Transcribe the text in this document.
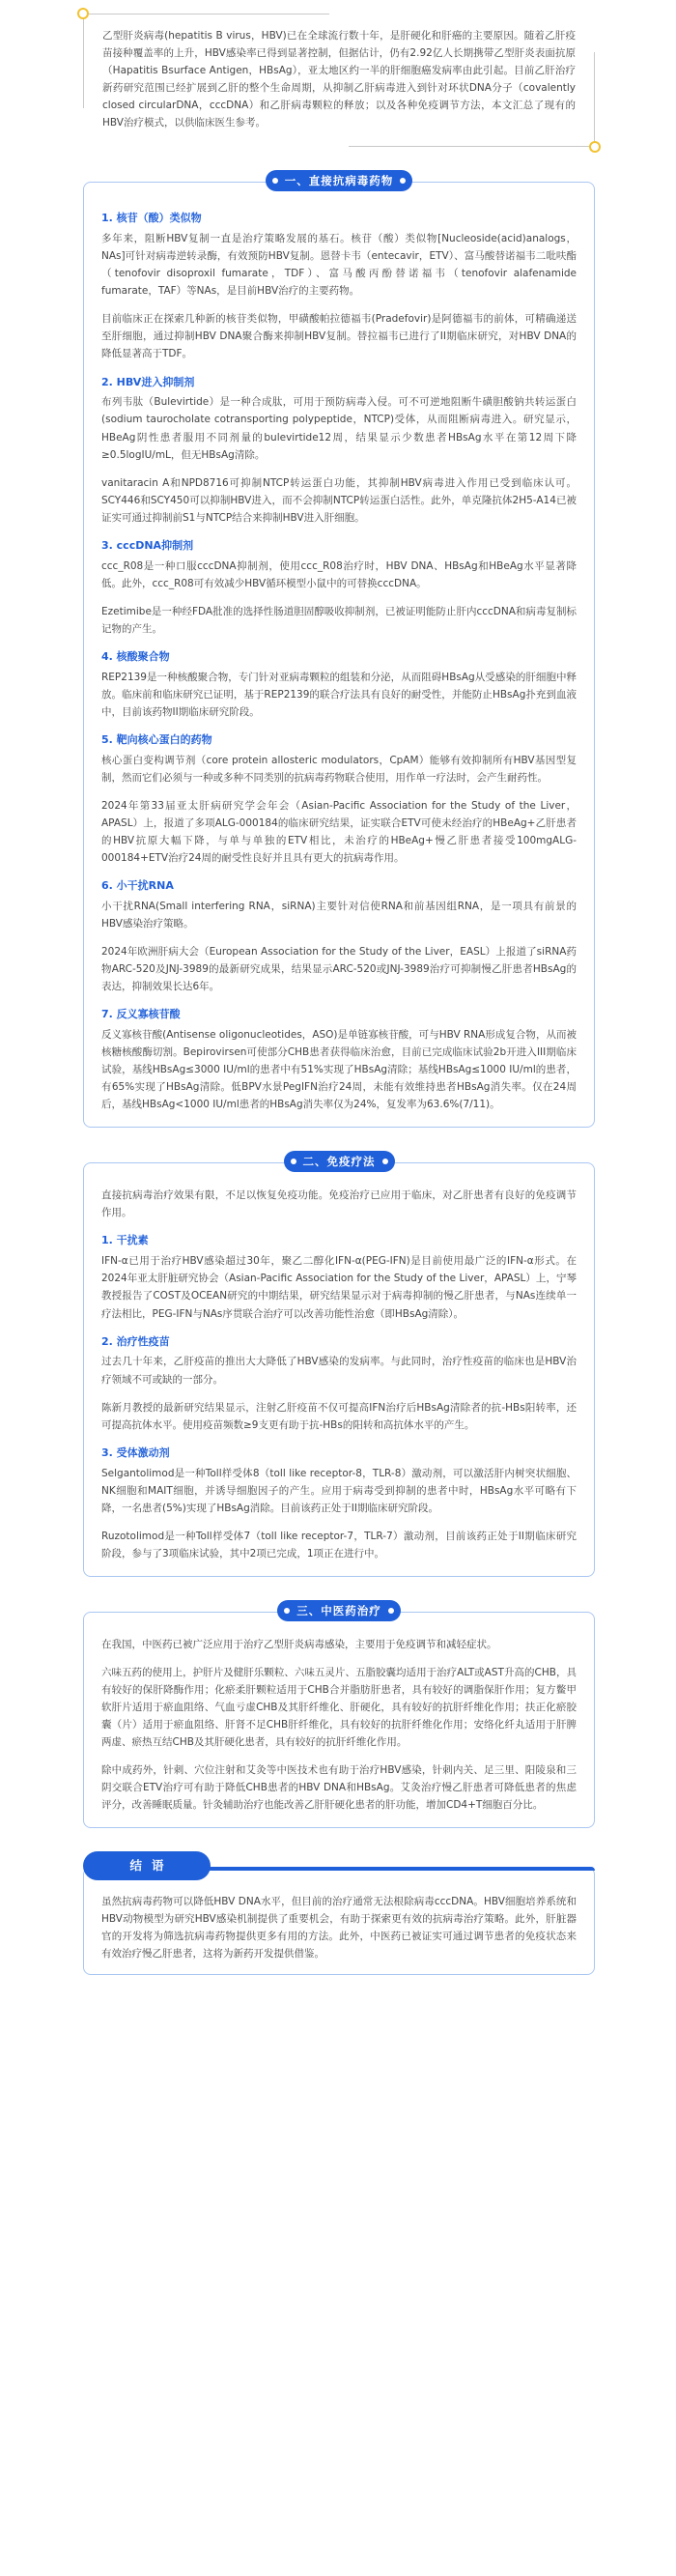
乙型肝炎病毒(hepatitis B virus，HBV)已在全球流行数十年，是肝硬化和肝癌的主要原因。随着乙肝疫苗接种覆盖率的上升，HBV感染率已得到显著控制，但据估计，仍有2.92亿人长期携带乙型肝炎表面抗原（Hapatitis Bsurface Antigen，HBsAg），亚太地区约一半的肝细胞癌发病率由此引起。目前乙肝治疗新药研究范围已经扩展到乙肝的整个生命周期，从抑制乙肝病毒进入到针对环状DNA分子（covalently closed circularDNA，cccDNA）和乙肝病毒颗粒的释放；以及各种免疫调节方法，本文汇总了现有的HBV治疗模式，以供临床医生参考。
一、直接抗病毒药物
1. 核苷（酸）类似物
多年来，阻断HBV复制一直是治疗策略发展的基石。核苷（酸）类似物[Nucleoside(acid)analogs，NAs]可针对病毒逆转录酶，有效预防HBV复制。恩替卡韦（entecavir，ETV）、富马酸替诺福韦二吡呋酯（tenofovir disoproxil fumarate，TDF）、富马酸丙酚替诺福韦（tenofovir alafenamide fumarate，TAF）等NAs，是目前HBV治疗的主要药物。
目前临床正在探索几种新的核苷类似物，甲磺酸帕拉德福韦(Pradefovir)是阿德福韦的前体，可精确递送至肝细胞，通过抑制HBV DNA聚合酶来抑制HBV复制。替拉福韦已进行了II期临床研究，对HBV DNA的降低显著高于TDF。
2. HBV进入抑制剂
布列韦肽（Bulevirtide）是一种合成肽，可用于预防病毒入侵。可不可逆地阻断牛磺胆酸钠共转运蛋白(sodium taurocholate cotransporting polypeptide，NTCP)受体，从而阻断病毒进入。研究显示，HBeAg阴性患者服用不同剂量的bulevirtide12周，结果显示少数患者HBsAg水平在第12周下降≥0.5logIU/mL，但无HBsAg清除。
vanitaracin A和NPD8716可抑制NTCP转运蛋白功能，其抑制HBV病毒进入作用已受到临床认可。SCY446和SCY450可以抑制HBV进入，而不会抑制NTCP转运蛋白活性。此外，单克隆抗体2H5-A14已被证实可通过抑制前S1与NTCP结合来抑制HBV进入肝细胞。
3. cccDNA抑制剂
ccc_R08是一种口服cccDNA抑制剂，使用ccc_R08治疗时，HBV DNA、HBsAg和HBeAg水平显著降低。此外，ccc_R08可有效减少HBV循环模型小鼠中的可替换cccDNA。
Ezetimibe是一种经FDA批准的选择性肠道胆固醇吸收抑制剂，已被证明能防止肝内cccDNA和病毒复制标记物的产生。
4. 核酸聚合物
REP2139是一种核酸聚合物，专门针对亚病毒颗粒的组装和分泌，从而阻碍HBsAg从受感染的肝细胞中释放。临床前和临床研究已证明，基于REP2139的联合疗法具有良好的耐受性，并能防止HBsAg扑充到血液中，目前该药物II期临床研究阶段。
5. 靶向核心蛋白的药物
核心蛋白变构调节剂（core protein allosteric modulators，CpAM）能够有效抑制所有HBV基因型复制，然而它们必须与一种或多种不同类别的抗病毒药物联合使用，用作单一疗法时，会产生耐药性。
2024年第33届亚太肝病研究学会年会（Asian-Pacific Association for the Study of the Liver，APASL）上，报道了多项ALG-000184的临床研究结果，证实联合ETV可使未经治疗的HBeAg+乙肝患者的HBV抗原大幅下降，与单与单独的ETV相比，未治疗的HBeAg+慢乙肝患者接受100mgALG-000184+ETV治疗24周的耐受性良好并且具有更大的抗病毒作用。
6. 小干扰RNA
小干扰RNA(Small interfering RNA，siRNA)主要针对信使RNA和前基因组RNA，是一项具有前景的HBV感染治疗策略。
2024年欧洲肝病大会（European Association for the Study of the Liver，EASL）上报道了siRNA药物ARC-520及JNJ-3989的最新研究成果，结果显示ARC-520或JNJ-3989治疗可抑制慢乙肝患者HBsAg的表达，抑制效果长达6年。
7. 反义寡核苷酸
反义寡核苷酸(Antisense oligonucleotides，ASO)是单链寡核苷酸，可与HBV RNA形成复合物，从而被核糖核酸酶切割。Bepirovirsen可使部分CHB患者获得临床治愈，目前已完成临床试验2b开进入III期临床试验，基线HBsAg≤3000 IU/ml的患者中有51%实现了HBsAg清除；基线HBsAg≤1000 IU/ml的患者，有65%实现了HBsAg清除。低BPV水景PegIFN治疗24周，未能有效维持患者HBsAg消失率。仅在24周后，基线HBsAg<1000 IU/ml患者的HBsAg消失率仅为24%，复发率为63.6%(7/11)。
二、免疫疗法
直接抗病毒治疗效果有限，不足以恢复免疫功能。免疫治疗已应用于临床，对乙肝患者有良好的免疫调节作用。
1. 干扰素
IFN-α已用于治疗HBV感染超过30年，聚乙二醇化IFN-α(PEG-IFN)是目前使用最广泛的IFN-α形式。在2024年亚太肝脏研究协会（Asian-Pacific Association for the Study of the Liver，APASL）上，宁琴教授报告了COST及OCEAN研究的中期结果，研究结果显示对于病毒抑制的慢乙肝患者，与NAs连续单一疗法相比，PEG-IFN与NAs序贯联合治疗可以改善功能性治愈（即HBsAg清除）。
2. 治疗性疫苗
过去几十年来，乙肝疫苗的推出大大降低了HBV感染的发病率。与此同时，治疗性疫苗的临床也是HBV治疗领域不可或缺的一部分。
陈新月教授的最新研究结果显示，注射乙肝疫苗不仅可提高IFN治疗后HBsAg清除者的抗-HBs阳转率，还可提高抗体水平。使用疫苗频数≥9支更有助于抗-HBs的阳转和高抗体水平的产生。
3. 受体激动剂
Selgantolimod是一种Toll样受体8（toll like receptor-8，TLR-8）激动剂，可以激活肝内树突状细胞、NK细胞和MAIT细胞，并诱导细胞因子的产生。应用于病毒受到抑制的患者中时，HBsAg水平可略有下降，一名患者(5%)实现了HBsAg消除。目前该药正处于II期临床研究阶段。
Ruzotolimod是一种Toll样受体7（toll like receptor-7，TLR-7）激动剂，目前该药正处于II期临床研究阶段，参与了3项临床试验，其中2项已完成，1项正在进行中。
三、中医药治疗
在我国，中医药已被广泛应用于治疗乙型肝炎病毒感染，主要用于免疫调节和减轻症状。
六味五药的使用上，护肝片及健肝乐颗粒、六味五灵片、五脂胶囊均适用于治疗ALT或AST升高的CHB，具有较好的保肝降酶作用；化瘀柔肝颗粒适用于CHB合并脂肪肝患者，具有较好的调脂保肝作用；复方鳖甲软肝片适用于瘀血阻络、气血亏虚CHB及其肝纤维化、肝硬化，具有较好的抗肝纤维化作用；扶正化瘀胶囊（片）适用于瘀血阻络、肝肾不足CHB肝纤维化，具有较好的抗肝纤维化作用；安络化纤丸适用于肝脾两虚、瘀热互结CHB及其肝硬化患者，具有较好的抗肝纤维化作用。
除中成药外，针刺、穴位注射和艾灸等中医技术也有助于治疗HBV感染，针刺内关、足三里、阳陵泉和三阴交联合ETV治疗可有助于降低CHB患者的HBV DNA和HBsAg。艾灸治疗慢乙肝患者可降低患者的焦虑评分，改善睡眠质量。针灸辅助治疗也能改善乙肝肝硬化患者的肝功能，增加CD4+T细胞百分比。
结语
虽然抗病毒药物可以降低HBV DNA水平，但目前的治疗通常无法根除病毒cccDNA。HBV细胞培养系统和HBV动物模型为研究HBV感染机制提供了重要机会，有助于探索更有效的抗病毒治疗策略。此外，肝脏器官的开发将为筛选抗病毒药物提供更多有用的方法。此外，中医药已被证实可通过调节患者的免疫状态来有效治疗慢乙肝患者，这将为新药开发提供借鉴。
